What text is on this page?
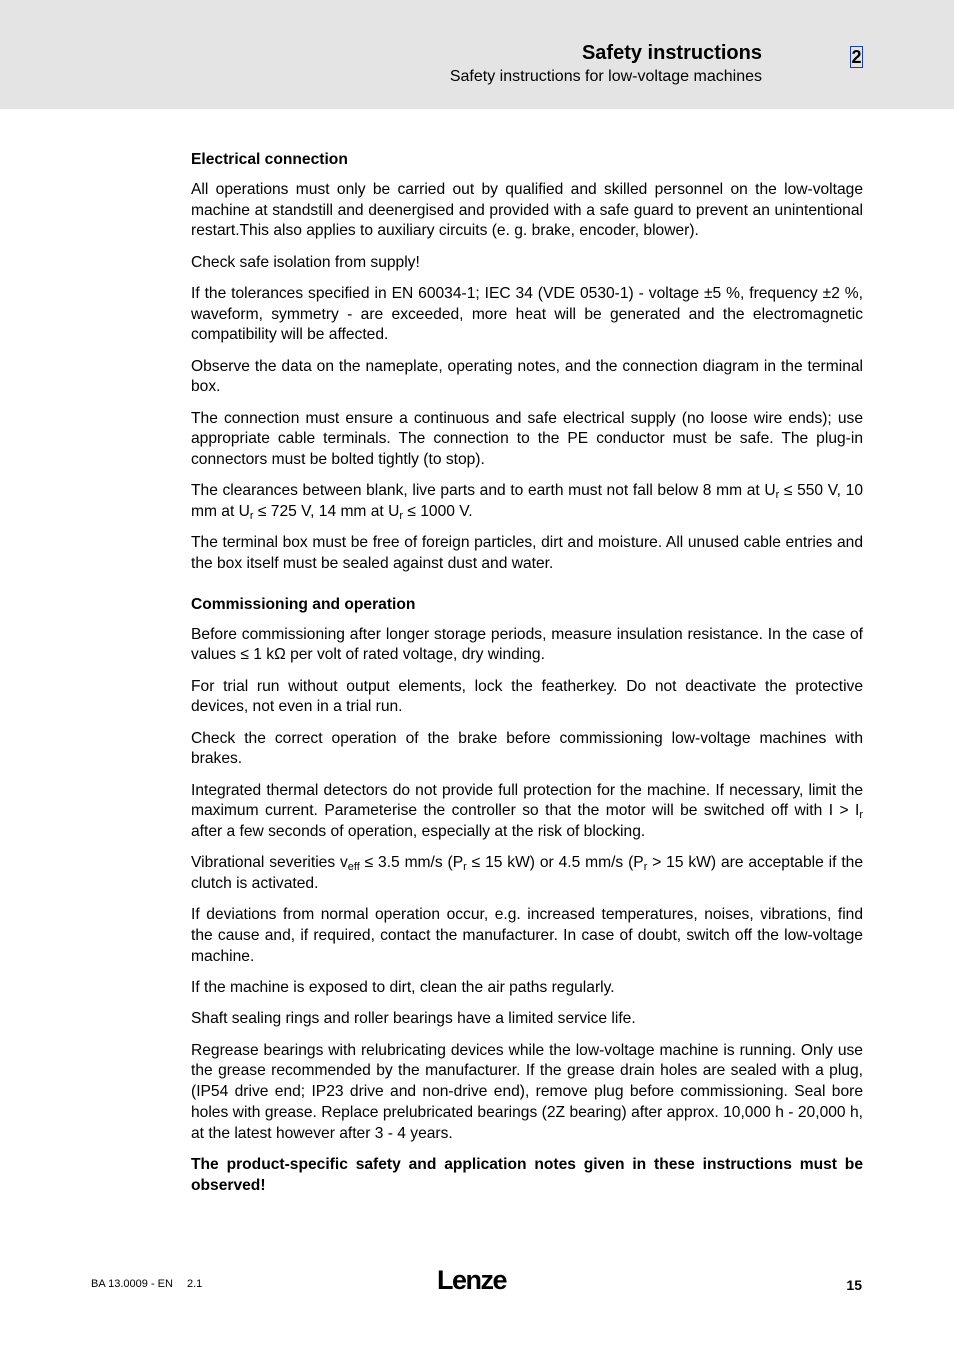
Safety instructions
Safety instructions for low-voltage machines
2
Electrical connection

All operations must only be carried out by qualified and skilled personnel on the low-voltage machine at standstill and deenergised and provided with a safe guard to prevent an unintentional restart.This also applies to auxiliary circuits (e. g. brake, encoder, blower).

Check safe isolation from supply!

If the tolerances specified in EN 60034-1; IEC 34 (VDE 0530-1) - voltage ±5 %, frequency ±2 %, waveform, symmetry - are exceeded, more heat will be generated and the electromagnetic compatibility will be affected.

Observe the data on the nameplate, operating notes, and the connection diagram in the terminal box.

The connection must ensure a continuous and safe electrical supply (no loose wire ends); use appropriate cable terminals. The connection to the PE conductor must be safe. The plug-in connectors must be bolted tightly (to stop).

The clearances between blank, live parts and to earth must not fall below 8 mm at $U_r \le 550$ V, 10 mm at $U_r \le 725$ V, 14 mm at $U_r \le 1000$ V.

The terminal box must be free of foreign particles, dirt and moisture. All unused cable entries and the box itself must be sealed against dust and water.

Commissioning and operation

Before commissioning after longer storage periods, measure insulation resistance. In the case of values ≤ 1 kΩ per volt of rated voltage, dry winding.

For trial run without output elements, lock the featherkey. Do not deactivate the protective devices, not even in a trial run.

Check the correct operation of the brake before commissioning low-voltage machines with brakes.

Integrated thermal detectors do not provide full protection for the machine. If necessary, limit the maximum current. Parameterise the controller so that the motor will be switched off with $I > I_r$ after a few seconds of operation, especially at the risk of blocking.

Vibrational severities $v_{eff} \le 3.5$ mm/s ($P_r \le 15$ kW) or 4.5 mm/s ($P_r > 15$ kW) are acceptable if the clutch is activated.

If deviations from normal operation occur, e.g. increased temperatures, noises, vibrations, find the cause and, if required, contact the manufacturer. In case of doubt, switch off the low-voltage machine.

If the machine is exposed to dirt, clean the air paths regularly.

Shaft sealing rings and roller bearings have a limited service life.

Regrease bearings with relubricating devices while the low-voltage machine is running. Only use the grease recommended by the manufacturer. If the grease drain holes are sealed with a plug, (IP54 drive end; IP23 drive and non-drive end), remove plug before commissioning. Seal bore holes with grease. Replace prelubricated bearings (2Z bearing) after approx. 10,000 h - 20,000 h, at the latest however after 3 - 4 years.

The product-specific safety and application notes given in these instructions must be observed!

BA 13.0009 - EN 2.1	Lenze	15
